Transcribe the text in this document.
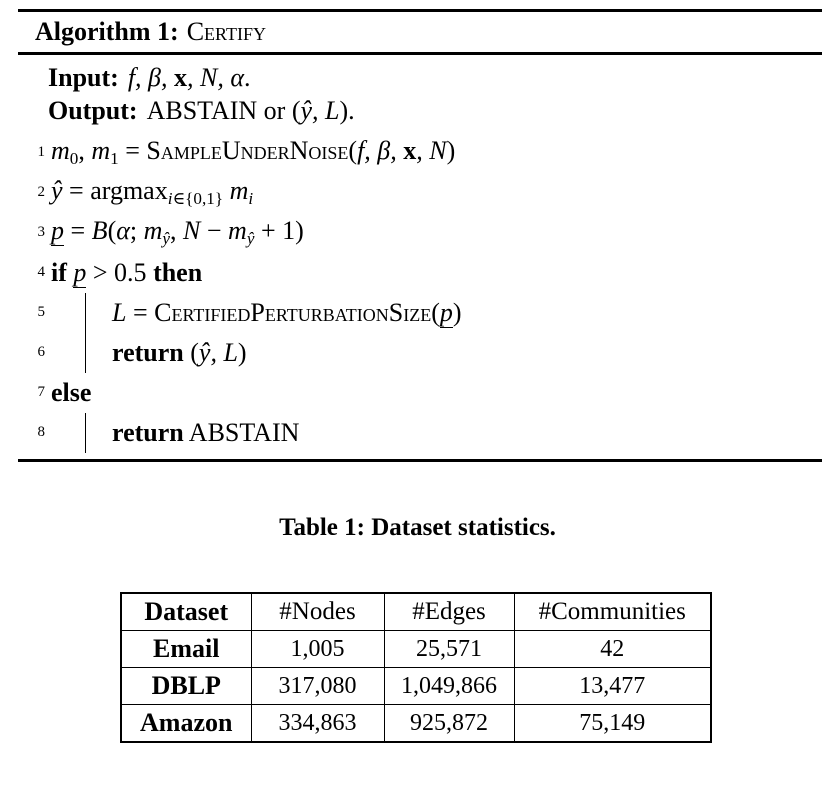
Algorithm 1: Certify
Input: f, β, x, N, α.
Output: ABSTAIN or (ŷ, L).
1 m0, m1 = SampleUnderNoise(f, β, x, N)
2 ŷ = argmaxi∈{0,1} mi
3 p = B(α; mŷ, N − mŷ + 1)
4 if p > 0.5 then
5	L = CertifiedPerturbationSize(p)
6	return (ŷ, L)
7 else
8	return ABSTAIN
Table 1: Dataset statistics.
Dataset	#Nodes	#Edges	#Communities
Email	1,005	25,571	42
DBLP	317,080	1,049,866	13,477
Amazon	334,863	925,872	75,149
